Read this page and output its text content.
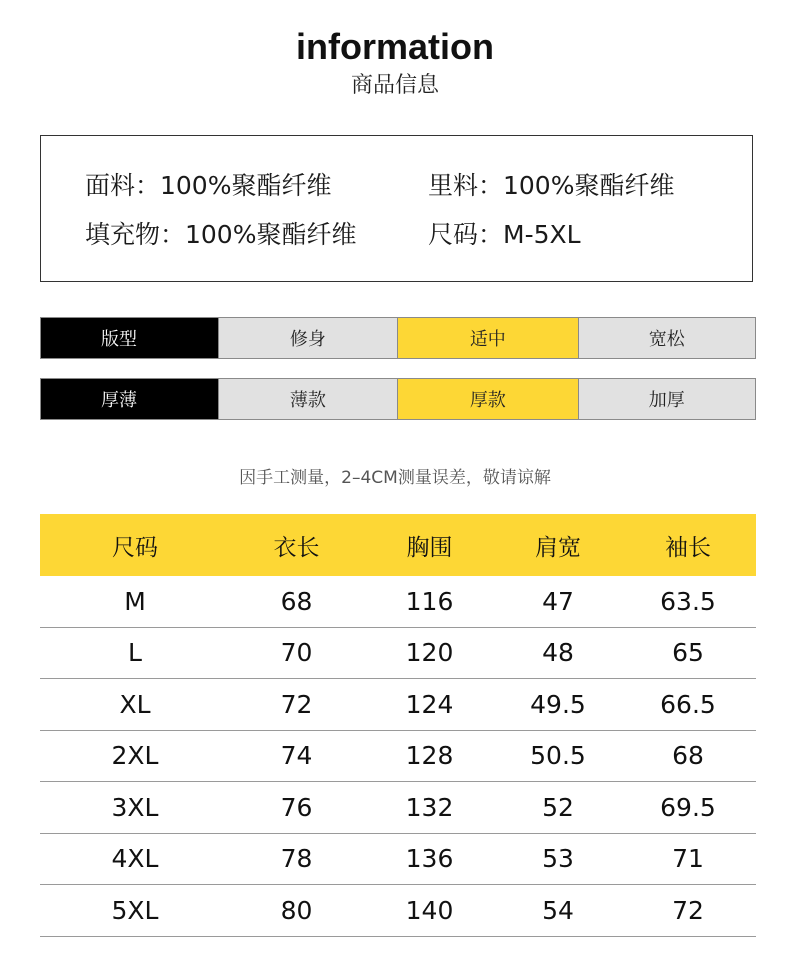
information
商品信息
面料：100%聚酯纤维	里料：100%聚酯纤维
填充物：100%聚酯纤维	尺码：M-5XL
版型	修身	适中	宽松
厚薄	薄款	厚款	加厚
因手工测量，2–4CM测量误差，敬请谅解
尺码	衣长	胸围	肩宽	袖长
M	68	116	47	63.5
L	70	120	48	65
XL	72	124	49.5	66.5
2XL	74	128	50.5	68
3XL	76	132	52	69.5
4XL	78	136	53	71
5XL	80	140	54	72
